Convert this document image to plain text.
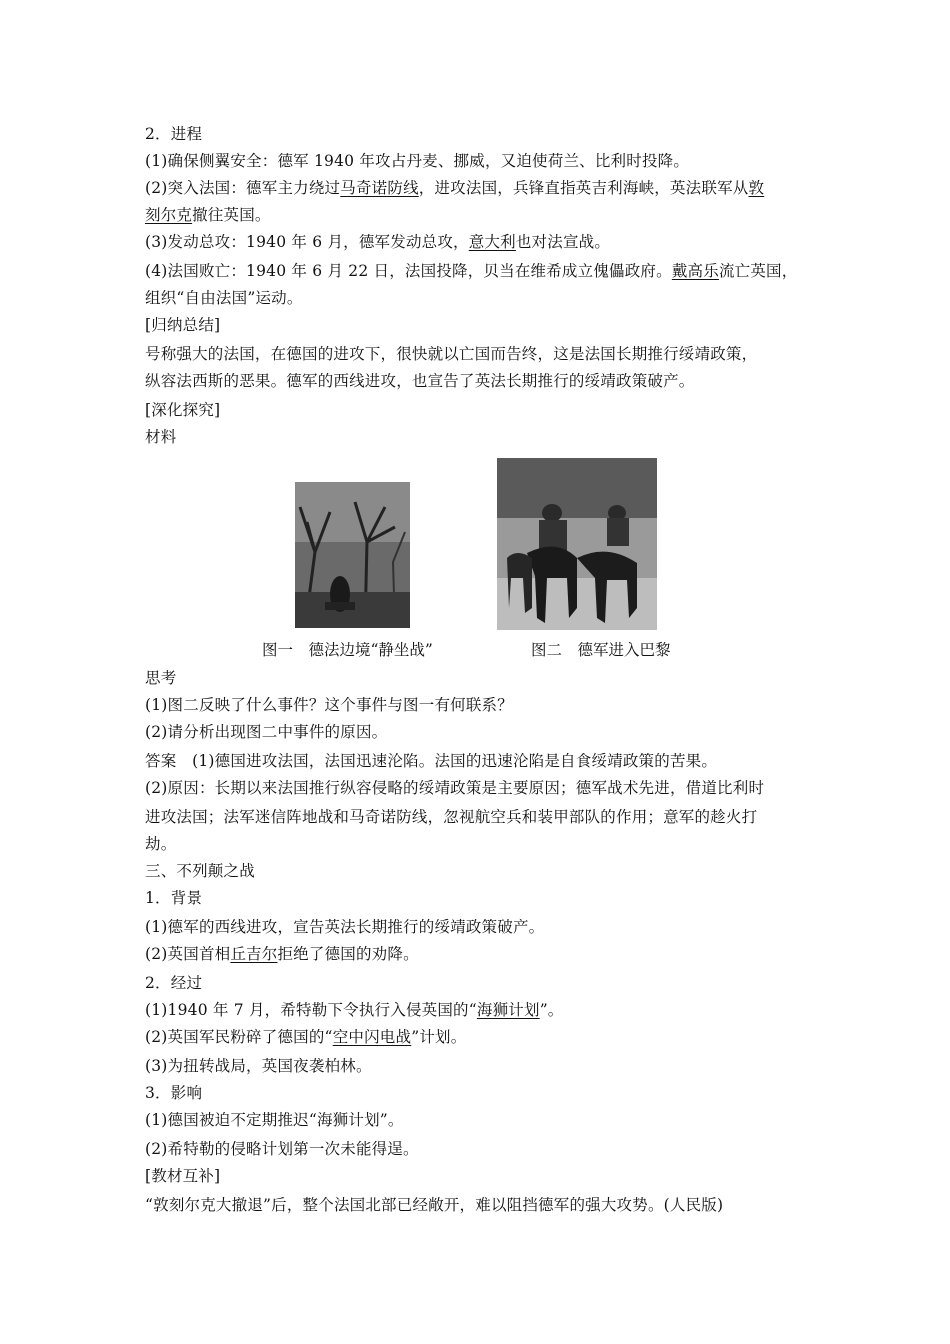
2．进程
(1)确保侧翼安全：德军 1940 年攻占丹麦、挪威，又迫使荷兰、比利时投降。
(2)突入法国：德军主力绕过马奇诺防线，进攻法国，兵锋直指英吉利海峡，英法联军从敦
刻尔克撤往英国。
(3)发动总攻：1940 年 6 月，德军发动总攻，意大利也对法宣战。
(4)法国败亡：1940 年 6 月 22 日，法国投降，贝当在维希成立傀儡政府。戴高乐流亡英国，
组织“自由法国”运动。
[归纳总结]
号称强大的法国，在德国的进攻下，很快就以亡国而告终，这是法国长期推行绥靖政策，
纵容法西斯的恶果。德军的西线进攻，也宣告了英法长期推行的绥靖政策破产。
[深化探究]
材料
图一　德法边境“静坐战”	图二　德军进入巴黎
思考
(1)图二反映了什么事件？这个事件与图一有何联系？
(2)请分析出现图二中事件的原因。
答案　(1)德国进攻法国，法国迅速沦陷。法国的迅速沦陷是自食绥靖政策的苦果。
(2)原因：长期以来法国推行纵容侵略的绥靖政策是主要原因；德军战术先进，借道比利时
进攻法国；法军迷信阵地战和马奇诺防线，忽视航空兵和装甲部队的作用；意军的趁火打
劫。
三、不列颠之战
1．背景
(1)德军的西线进攻，宣告英法长期推行的绥靖政策破产。
(2)英国首相丘吉尔拒绝了德国的劝降。
2．经过
(1)1940 年 7 月，希特勒下令执行入侵英国的“海狮计划”。
(2)英国军民粉碎了德国的“空中闪电战”计划。
(3)为扭转战局，英国夜袭柏林。
3．影响
(1)德国被迫不定期推迟“海狮计划”。
(2)希特勒的侵略计划第一次未能得逞。
[教材互补]
“敦刻尔克大撤退”后，整个法国北部已经敞开，难以阻挡德军的强大攻势。(人民版)
